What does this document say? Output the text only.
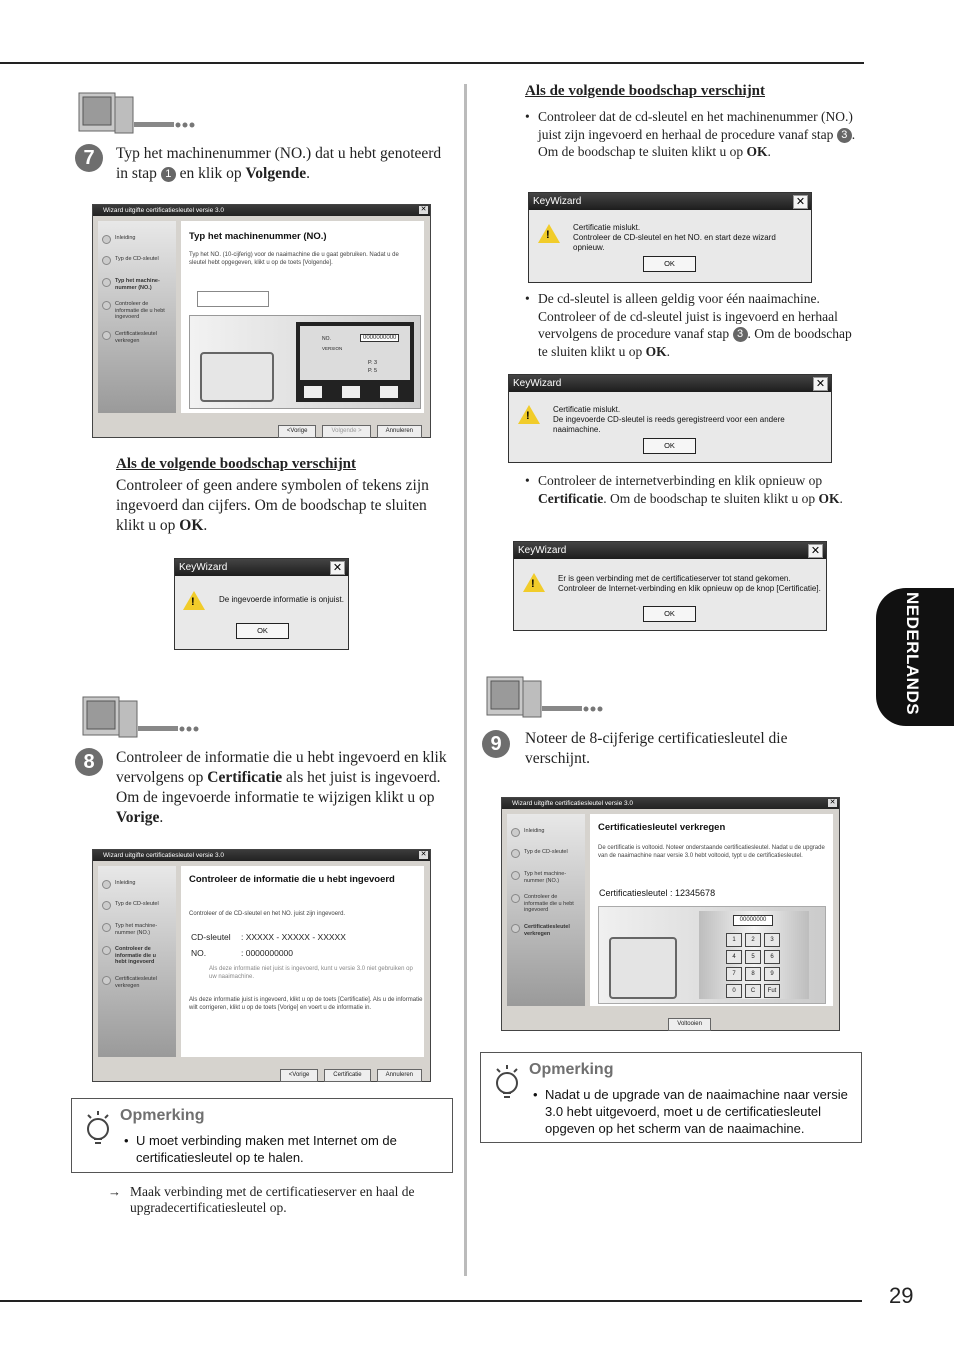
29
NEDERLANDS
7	Typ het machinenummer (NO.) dat u hebt genoteerd in stap 1 en klik op Volgende.
Wizard uitgifte certificatiesleutel versie 3.0	✕
Inleiding
Typ de CD-sleutel
Typ het machine-nummer (NO.)
Controleer de informatie die u hebt ingevoerd
Certificatiesleutel verkregen
Typ het machinenummer (NO.)
Typ het NO. (10-cijferig) voor de naaimachine die u gaat gebruiken. Nadat u de sleutel hebt opgegeven, klikt u op de toets [Volgende].
NO.	0000000000
VERSION
P. 3
P. 5
<Vorige	Volgende >	Annuleren
Als de volgende boodschap verschijnt
Controleer of geen andere symbolen of tekens zijn ingevoerd dan cijfers. Om de boodschap te sluiten klikt u op OK.
KeyWizard	✕
!	De ingevoerde informatie is onjuist.
OK
8	Controleer de informatie die u hebt ingevoerd en klik vervolgens op Certificatie als het juist is ingevoerd. Om de ingevoerde informatie te wijzigen klikt u op Vorige.
Wizard uitgifte certificatiesleutel versie 3.0	✕
Inleiding
Typ de CD-sleutel
Typ het machine-nummer (NO.)
Controleer de informatie die u hebt ingevoerd
Certificatiesleutel verkregen
Controleer de informatie die u hebt ingevoerd
Controleer of de CD-sleutel en het NO. juist zijn ingevoerd.
CD-sleutel : XXXXX - XXXXX - XXXXX
NO.	: 0000000000
Als deze informatie niet juist is ingevoerd, kunt u versie 3.0 niet gebruiken op uw naaimachine.
Als deze informatie juist is ingevoerd, klikt u op de toets [Certificatie]. Als u de informatie wilt corrigeren, klikt u op de toets [Vorige] en voert u de informatie in.
<Vorige	Certificatie	Annuleren
Opmerking
• U moet verbinding maken met Internet om de certificatiesleutel op te halen.
→ Maak verbinding met de certificatieserver en haal de upgradecertificatiesleutel op.
Als de volgende boodschap verschijnt
• Controleer dat de cd-sleutel en het machinenummer (NO.) juist zijn ingevoerd en herhaal de procedure vanaf stap 3 . Om de boodschap te sluiten klikt u op OK.
KeyWizard	✕
!
Certificatie mislukt.
Controleer de CD-sleutel en het NO. en start deze wizard opnieuw.
OK
• De cd-sleutel is alleen geldig voor één naaimachine. Controleer of de cd-sleutel juist is ingevoerd en herhaal vervolgens de procedure vanaf stap 3 . Om de boodschap te sluiten klikt u op OK.
KeyWizard	✕
!
Certificatie mislukt.
De ingevoerde CD-sleutel is reeds geregistreerd voor een andere naaimachine.
OK
• Controleer de internetverbinding en klik opnieuw op Certificatie. Om de boodschap te sluiten klikt u op OK.
KeyWizard	✕
!	Er is geen verbinding met de certificatieserver tot stand gekomen.
Controleer de Internet-verbinding en klik opnieuw op de knop [Certificatie].
OK
9	Noteer de 8-cijferige certificatiesleutel die verschijnt.
Wizard uitgifte certificatiesleutel versie 3.0	✕
Inleiding
Typ de CD-sleutel
Typ het machine-nummer (NO.)
Controleer de informatie die u hebt ingevoerd
Certificatiesleutel verkregen
Certificatiesleutel verkregen
De certificatie is voltooid. Noteer onderstaande certificatiesleutel. Nadat u de upgrade van de naaimachine naar versie 3.0 hebt voltooid, typt u de certificatiesleutel.
Certificatiesleutel : 12345678
00000000
1	2	3
4	5	6
7	8	9
0	C	Fut
Voltooien
Opmerking
• Nadat u de upgrade van de naaimachine naar versie 3.0 hebt uitgevoerd, moet u de certificatiesleutel opgeven op het scherm van de naaimachine.
